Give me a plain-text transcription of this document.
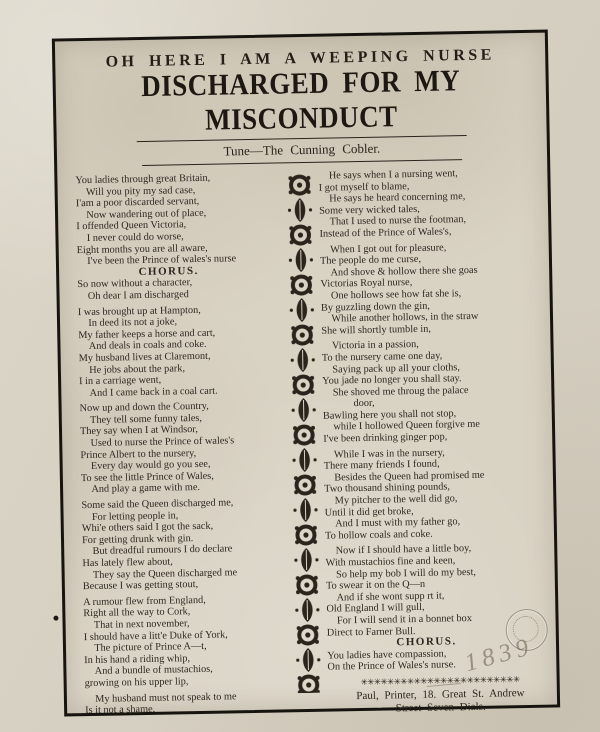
OH HERE I AM A WEEPING NURSE
DISCHARGED FOR MY MISCONDUCT
Tune—The Cunning Cobler.
You ladies through great Britain,
Will you pity my sad case,
I'am a poor discarded servant,
Now wandering out of place,
I offended Queen Victoria,
I never could do worse,
Eight months you are all aware,
I've been the Prince of wales's nurse
CHORUS.
So now without a character,
Oh dear I am discharged
I was brought up at Hampton,
In deed its not a joke,
My father keeps a horse and cart,
And deals in coals and coke.
My husband lives at Claremont,
He jobs about the park,
I in a carriage went,
And I came back in a coal cart.
Now up and down the Country,
They tell some funny tales,
They say when I at Windsor,
Used to nurse the Prince of wales's
Prince Albert to the nursery,
Every day would go you see,
To see the little Prince of Wales,
And play a game with me.
Some said the Queen discharged me,
For letting people in,
Whi'e others said I got the sack,
For getting drunk with gin.
But dreadful rumours I do declare
Has lately flew about,
They say the Queen discharged me
Because I was getting stout,
A rumour flew from England,
Right all the way to Cork,
That in next november,
I should have a litt'e Duke of York,
The picture of Prince A—t,
In his hand a riding whip,
And a bundle of mustachios,
growing on his upper lip,
My husband must not speak to me
Is it not a shame,
He says when I a nursing went,
I got myself to blame,
He says he heard concerning me,
Some very wicked tales,
That I used to nurse the footman,
Instead of the Prince of Wales's,
When I got out for pleasure,
The people do me curse,
And shove & hollow there she goas
Victorias Royal nurse,
One hollows see how fat she is,
By guzzling down the gin,
While another hollows, in the straw
She will shortly tumble in,
Victoria in a passion,
To the nursery came one day,
Saying pack up all your cloths,
You jade no longer you shall stay.
She shoved me throug the palace
door,
Bawling here you shall not stop,
while I hollowed Queen forgive me
I've been drinking ginger pop,
While I was in the nursery,
There many friends I found,
Besides the Queen had promised me
Two thousand shining pounds,
My pitcher to the well did go,
Until it did get broke,
And I must with my father go,
To hollow coals and coke.
Now if I should have a little boy,
With mustachios fine and keen,
So help my bob I will do my best,
To swear it on the Q—n
And if she wont supp rt it,
Old England I will gull,
For I will send it in a bonnet box
Direct to Farner Bull.
CHORUS.
You ladies have compassion,
On the Prince of Wales's nurse.
✳✳✳✳✳✳✳✳✳✳✳✳✳✳✳✳✳✳✳✳✳✳✳✳
Paul, Printer, 18. Great St. Andrew
Street Seven Dials.
1839
